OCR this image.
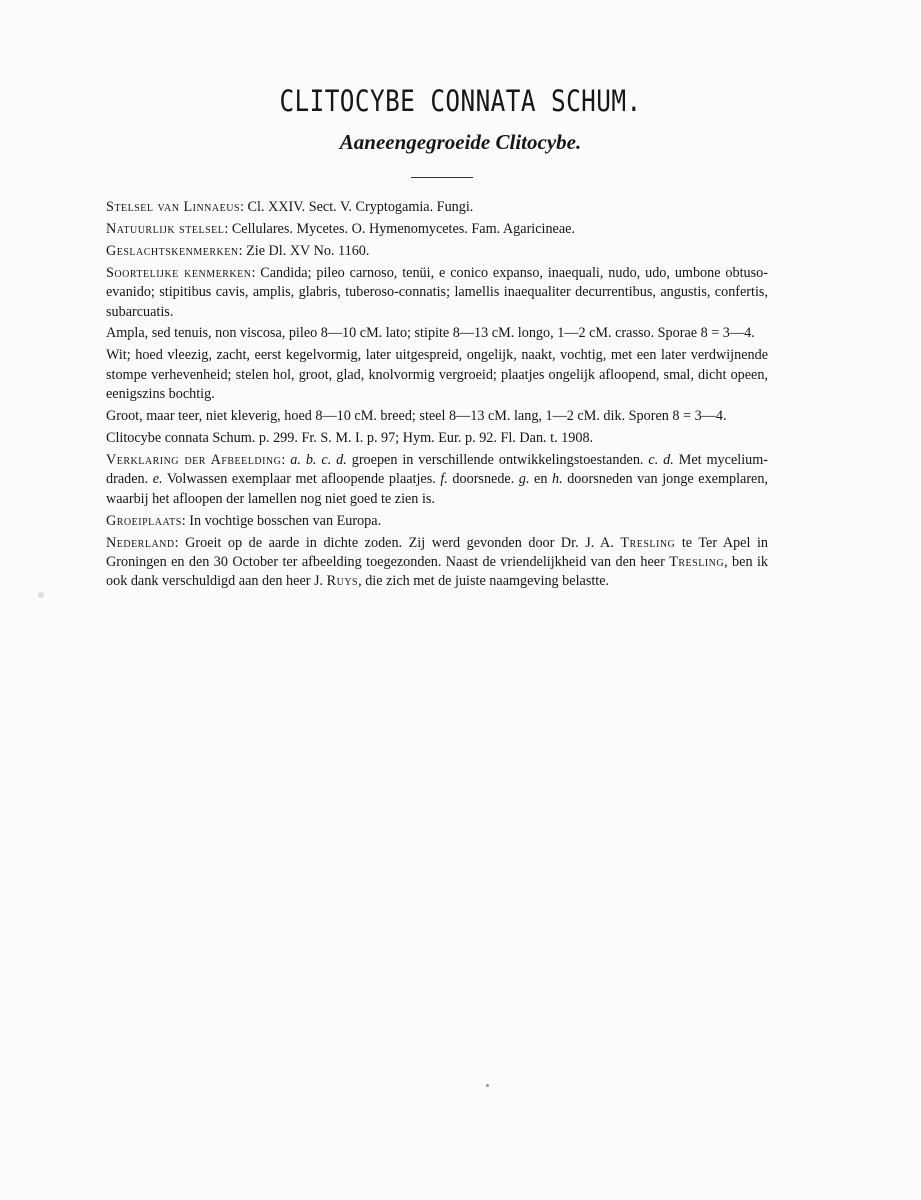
CLITOCYBE CONNATA SCHUM.
Aaneengegroeide Clitocybe.

Stelsel van Linnaeus: Cl. XXIV. Sect. V. Cryptogamia. Fungi.

Natuurlijk stelsel: Cellulares. Mycetes. O. Hymenomycetes. Fam. Agaricineae.

Geslachtskenmerken: Zie Dl. XV No. 1160.

Soortelijke kenmerken: Candida; pileo carnoso, tenüi, e conico expanso, inaequali, nudo, udo, umbone obtuso-evanido; stipitibus cavis, amplis, glabris, tuberoso-connatis; lamellis inaequaliter decurrentibus, angustis, confertis, subarcuatis.

Ampla, sed tenuis, non viscosa, pileo 8—10 cM. lato; stipite 8—13 cM. longo, 1—2 cM. crasso. Sporae 8 = 3—4.

Wit; hoed vleezig, zacht, eerst kegelvormig, later uitgespreid, ongelijk, naakt, vochtig, met een later verdwijnende stompe verhevenheid; stelen hol, groot, glad, knolvormig vergroeid; plaatjes ongelijk afloopend, smal, dicht opeen, eenigszins bochtig.

Groot, maar teer, niet kleverig, hoed 8—10 cM. breed; steel 8—13 cM. lang, 1—2 cM. dik. Sporen 8 = 3—4.

Clitocybe connata Schum. p. 299. Fr. S. M. I. p. 97; Hym. Eur. p. 92. Fl. Dan. t. 1908.

Verklaring der Afbeelding: a. b. c. d. groepen in verschillende ontwikkelingstoestanden. c. d. Met mycelium-draden. e. Volwassen exemplaar met afloopende plaatjes. f. doorsnede. g. en h. doorsneden van jonge exemplaren, waarbij het afloopen der lamellen nog niet goed te zien is.

Groeiplaats: In vochtige bosschen van Europa.

Nederland: Groeit op de aarde in dichte zoden. Zij werd gevonden door Dr. J. A. Tresling te Ter Apel in Groningen en den 30 October ter afbeelding toegezonden. Naast de vriendelijkheid van den heer Tresling, ben ik ook dank verschuldigd aan den heer J. Ruys, die zich met de juiste naamgeving belastte.
